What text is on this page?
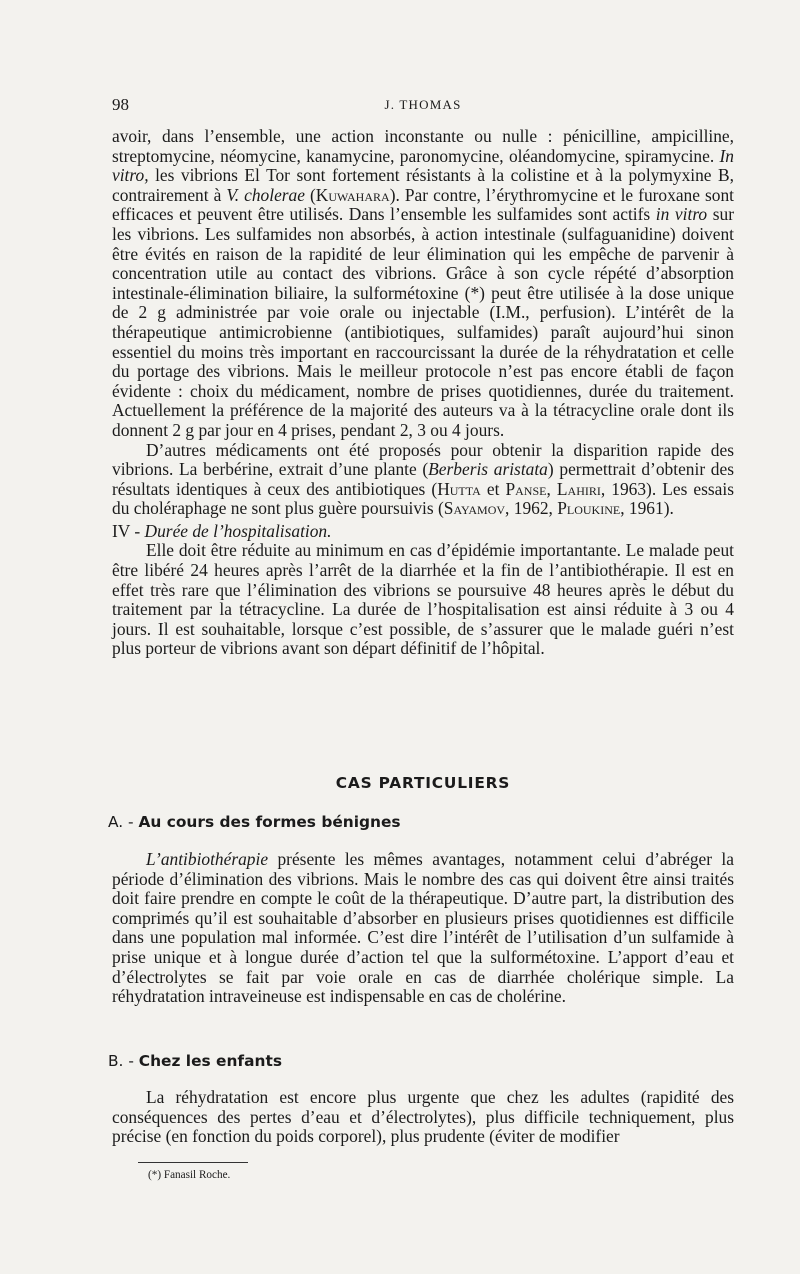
98	J. THOMAS

avoir, dans l’ensemble, une action inconstante ou nulle : pénicilline, ampicilline, streptomycine, néomycine, kanamycine, paronomycine, oléandomycine, spiramycine. In vitro, les vibrions El Tor sont fortement résistants à la colistine et à la polymyxine B, contrairement à V. cholerae (Kuwahara). Par contre, l’érythromycine et le furoxane sont efficaces et peuvent être utilisés. Dans l’ensemble les sulfamides sont actifs in vitro sur les vibrions. Les sulfamides non absorbés, à action intestinale (sulfaguanidine) doivent être évités en raison de la rapidité de leur élimination qui les empêche de parvenir à concentration utile au contact des vibrions. Grâce à son cycle répété d’absorption intestinale-élimination biliaire, la sulformétoxine (*) peut être utilisée à la dose unique de 2 g administrée par voie orale ou injectable (I.M., perfusion). L’intérêt de la thérapeutique antimicrobienne (antibiotiques, sulfamides) paraît aujourd’hui sinon essentiel du moins très important en raccourcissant la durée de la réhydratation et celle du portage des vibrions. Mais le meilleur protocole n’est pas encore établi de façon évidente : choix du médicament, nombre de prises quotidiennes, durée du traitement. Actuellement la préférence de la majorité des auteurs va à la tétracycline orale dont ils donnent 2 g par jour en 4 prises, pendant 2, 3 ou 4 jours.

D’autres médicaments ont été proposés pour obtenir la disparition rapide des vibrions. La berbérine, extrait d’une plante (Berberis aristata) permettrait d’obtenir des résultats identiques à ceux des antibiotiques (Hutta et Panse, Lahiri, 1963). Les essais du choléraphage ne sont plus guère poursuivis (Sayamov, 1962, Ploukine, 1961).

IV - Durée de l’hospitalisation.

Elle doit être réduite au minimum en cas d’épidémie importantante. Le malade peut être libéré 24 heures après l’arrêt de la diarrhée et la fin de l’antibiothérapie. Il est en effet très rare que l’élimination des vibrions se poursuive 48 heures après le début du traitement par la tétracycline. La durée de l’hospitalisation est ainsi réduite à 3 ou 4 jours. Il est souhaitable, lorsque c’est possible, de s’assurer que le malade guéri n’est plus porteur de vibrions avant son départ définitif de l’hôpital.

CAS PARTICULIERS
A. - Au cours des formes bénignes

L’antibiothérapie présente les mêmes avantages, notamment celui d’abréger la période d’élimination des vibrions. Mais le nombre des cas qui doivent être ainsi traités doit faire prendre en compte le coût de la thérapeutique. D’autre part, la distribution des comprimés qu’il est souhaitable d’absorber en plusieurs prises quotidiennes est difficile dans une population mal informée. C’est dire l’intérêt de l’utilisation d’un sulfamide à prise unique et à longue durée d’action tel que la sulformétoxine. L’apport d’eau et d’électrolytes se fait par voie orale en cas de diarrhée cholérique simple. La réhydratation intraveineuse est indispensable en cas de cholérine.

B. - Chez les enfants

La réhydratation est encore plus urgente que chez les adultes (rapidité des conséquences des pertes d’eau et d’électrolytes), plus difficile techniquement, plus précise (en fonction du poids corporel), plus prudente (éviter de modifier

(*) Fanasil Roche.
